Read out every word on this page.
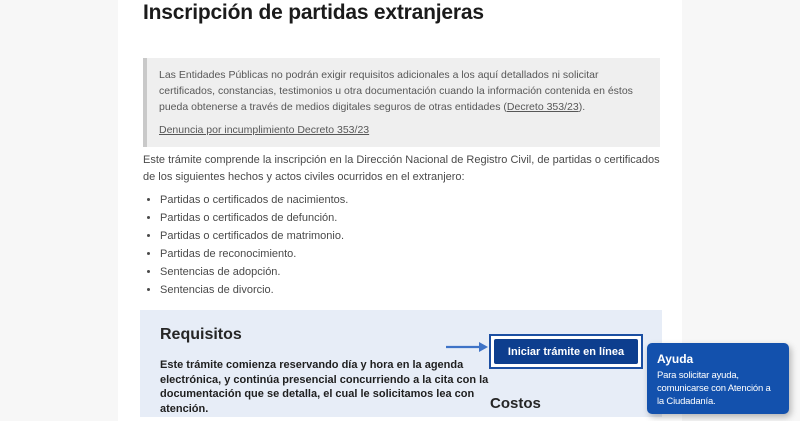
Inscripción de partidas extranjeras
Las Entidades Públicas no podrán exigir requisitos adicionales a los aquí detallados ni solicitar certificados, constancias, testimonios u otra documentación cuando la información contenida en éstos pueda obtenerse a través de medios digitales seguros de otras entidades (Decreto 353/23).
Denuncia por incumplimiento Decreto 353/23

Este trámite comprende la inscripción en la Dirección Nacional de Registro Civil, de partidas o certificados de los siguientes hechos y actos civiles ocurridos en el extranjero:

• Partidas o certificados de nacimientos.
• Partidas o certificados de defunción.
• Partidas o certificados de matrimonio.
• Partidas de reconocimiento.
• Sentencias de adopción.
• Sentencias de divorcio.
Requisitos

Este trámite comienza reservando día y hora en la agenda electrónica, y continúa presencial concurriendo a la cita con la documentación que se detalla, el cual le solicitamos lea con atención.	Costos
Iniciar trámite en línea
Ayuda
Para solicitar ayuda, comunicarse con Atención a la Ciudadanía.
